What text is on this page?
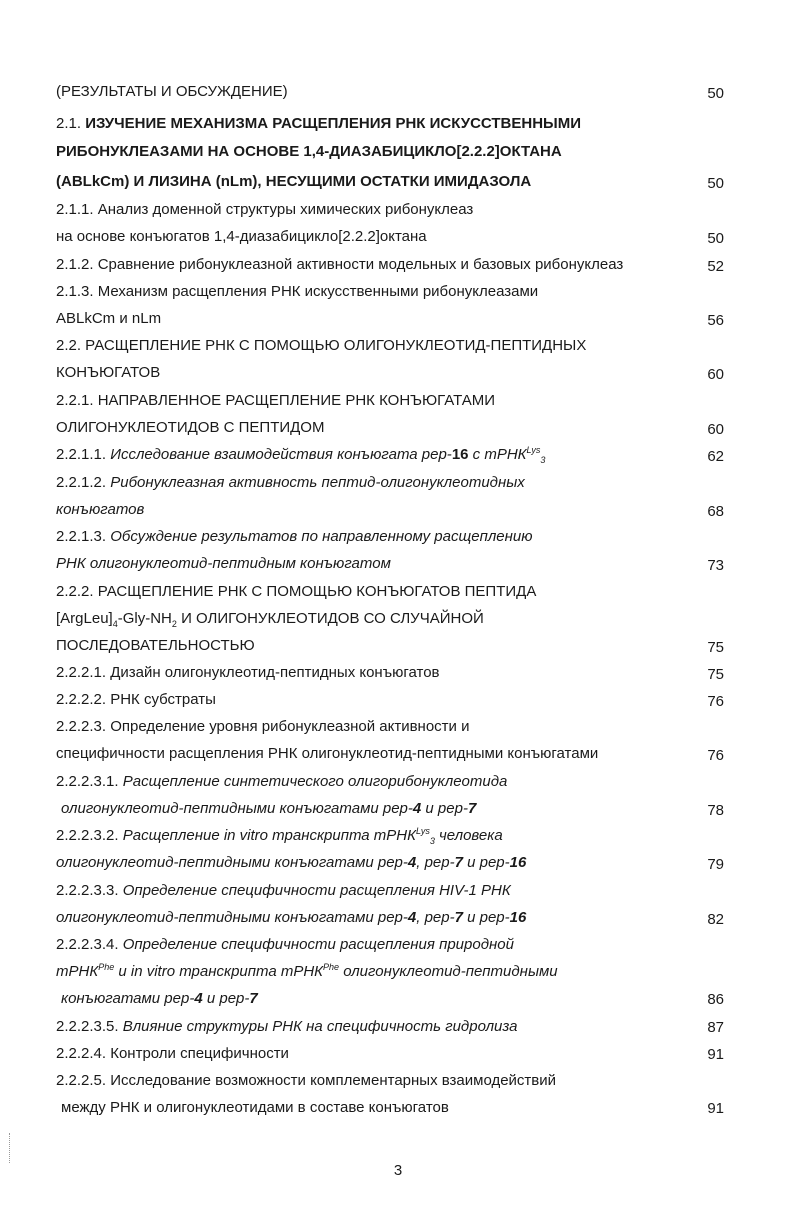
(РЕЗУЛЬТАТЫ И ОБСУЖДЕНИЕ)	50
2.1. ИЗУЧЕНИЕ МЕХАНИЗМА РАСЩЕПЛЕНИЯ РНК ИСКУССТВЕННЫМИ
РИБОНУКЛЕАЗАМИ НА ОСНОВЕ 1,4-ДИАЗАБИЦИКЛО[2.2.2]ОКТАНА
(ABLkCm) И ЛИЗИНА (nLm), НЕСУЩИМИ ОСТАТКИ ИМИДАЗОЛА	50
2.1.1. Анализ доменной структуры химических рибонуклеаз
на основе конъюгатов 1,4-диазабицикло[2.2.2]октана	50
2.1.2. Сравнение рибонуклеазной активности модельных и базовых рибонуклеаз	52
2.1.3. Механизм расщепления РНК искусственными рибонуклеазами
ABLkCm и nLm	56
2.2. РАСЩЕПЛЕНИЕ РНК С ПОМОЩЬЮ ОЛИГОНУКЛЕОТИД-ПЕПТИДНЫХ
КОНЪЮГАТОВ	60
2.2.1. НАПРАВЛЕННОЕ РАСЩЕПЛЕНИЕ РНК КОНЪЮГАТАМИ
ОЛИГОНУКЛЕОТИДОВ С ПЕПТИДОМ	60
2.2.1.1. Исследование взаимодействия конъюгата pep-16 с тРНК$^{Lys}_3$	62
2.2.1.2. Рибонуклеазная активность пептид-олигонуклеотидных
конъюгатов	68
2.2.1.3. Обсуждение результатов по направленному расщеплению
РНК олигонуклеотид-пептидным конъюгатом	73
2.2.2. РАСЩЕПЛЕНИЕ РНК С ПОМОЩЬЮ КОНЪЮГАТОВ ПЕПТИДА
$[ArgLeu]_4-Gly-NH_2$ И ОЛИГОНУКЛЕОТИДОВ СО СЛУЧАЙНОЙ
ПОСЛЕДОВАТЕЛЬНОСТЬЮ	75
2.2.2.1. Дизайн олигонуклеотид-пептидных конъюгатов	75
2.2.2.2. РНК субстраты	76
2.2.2.3. Определение уровня рибонуклеазной активности и
специфичности расщепления РНК олигонуклеотид-пептидными конъюгатами	76
2.2.2.3.1. Расщепление синтетического олигорибонуклеотида
олигонуклеотид-пептидными конъюгатами pep-4 и pep-7	78
2.2.2.3.2. Расщепление in vitro транскрипта тРНК$^{Lys}_3$ человека
олигонуклеотид-пептидными конъюгатами pep-4, pep-7 и pep-16	79
2.2.2.3.3. Определение специфичности расщепления HIV-1 РНК
олигонуклеотид-пептидными конъюгатами pep-4, pep-7 и pep-16	82
2.2.2.3.4. Определение специфичности расщепления природной
тРНК$^{Phe}$ и in vitro транскрипта тРНК$^{Phe}$ олигонуклеотид-пептидными
конъюгатами pep-4 и pep-7	86
2.2.2.3.5. Влияние структуры РНК на специфичность гидролиза	87
2.2.2.4. Контроли специфичности	91
2.2.2.5. Исследование возможности комплементарных взаимодействий
между РНК и олигонуклеотидами в составе конъюгатов	91
3
